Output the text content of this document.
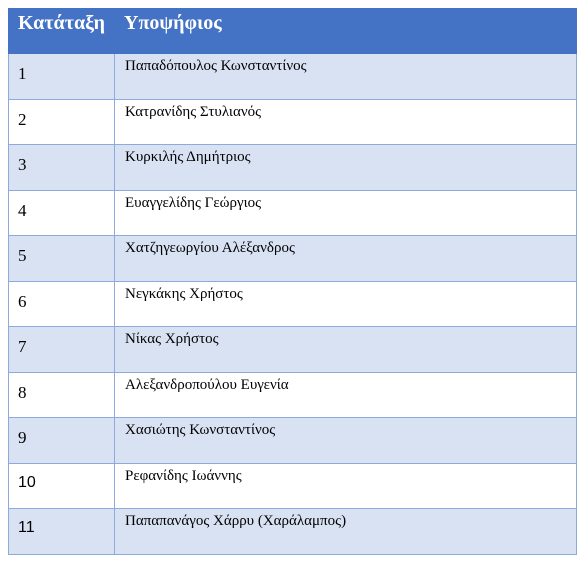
Κατάταξη	Υποψήφιος
1	Παπαδόπουλος Κωνσταντίνος
2	Κατρανίδης Στυλιανός
3	Κυρκιλής Δημήτριος
4	Ευαγγελίδης Γεώργιος
5	Χατζηγεωργίου Αλέξανδρος
6	Νεγκάκης Χρήστος
7	Νίκας Χρήστος
8	Αλεξανδροπούλου Ευγενία
9	Χασιώτης Κωνσταντίνος
10	Ρεφανίδης Ιωάννης
11	Παπαπανάγος Χάρρυ (Χαράλαμπος)
